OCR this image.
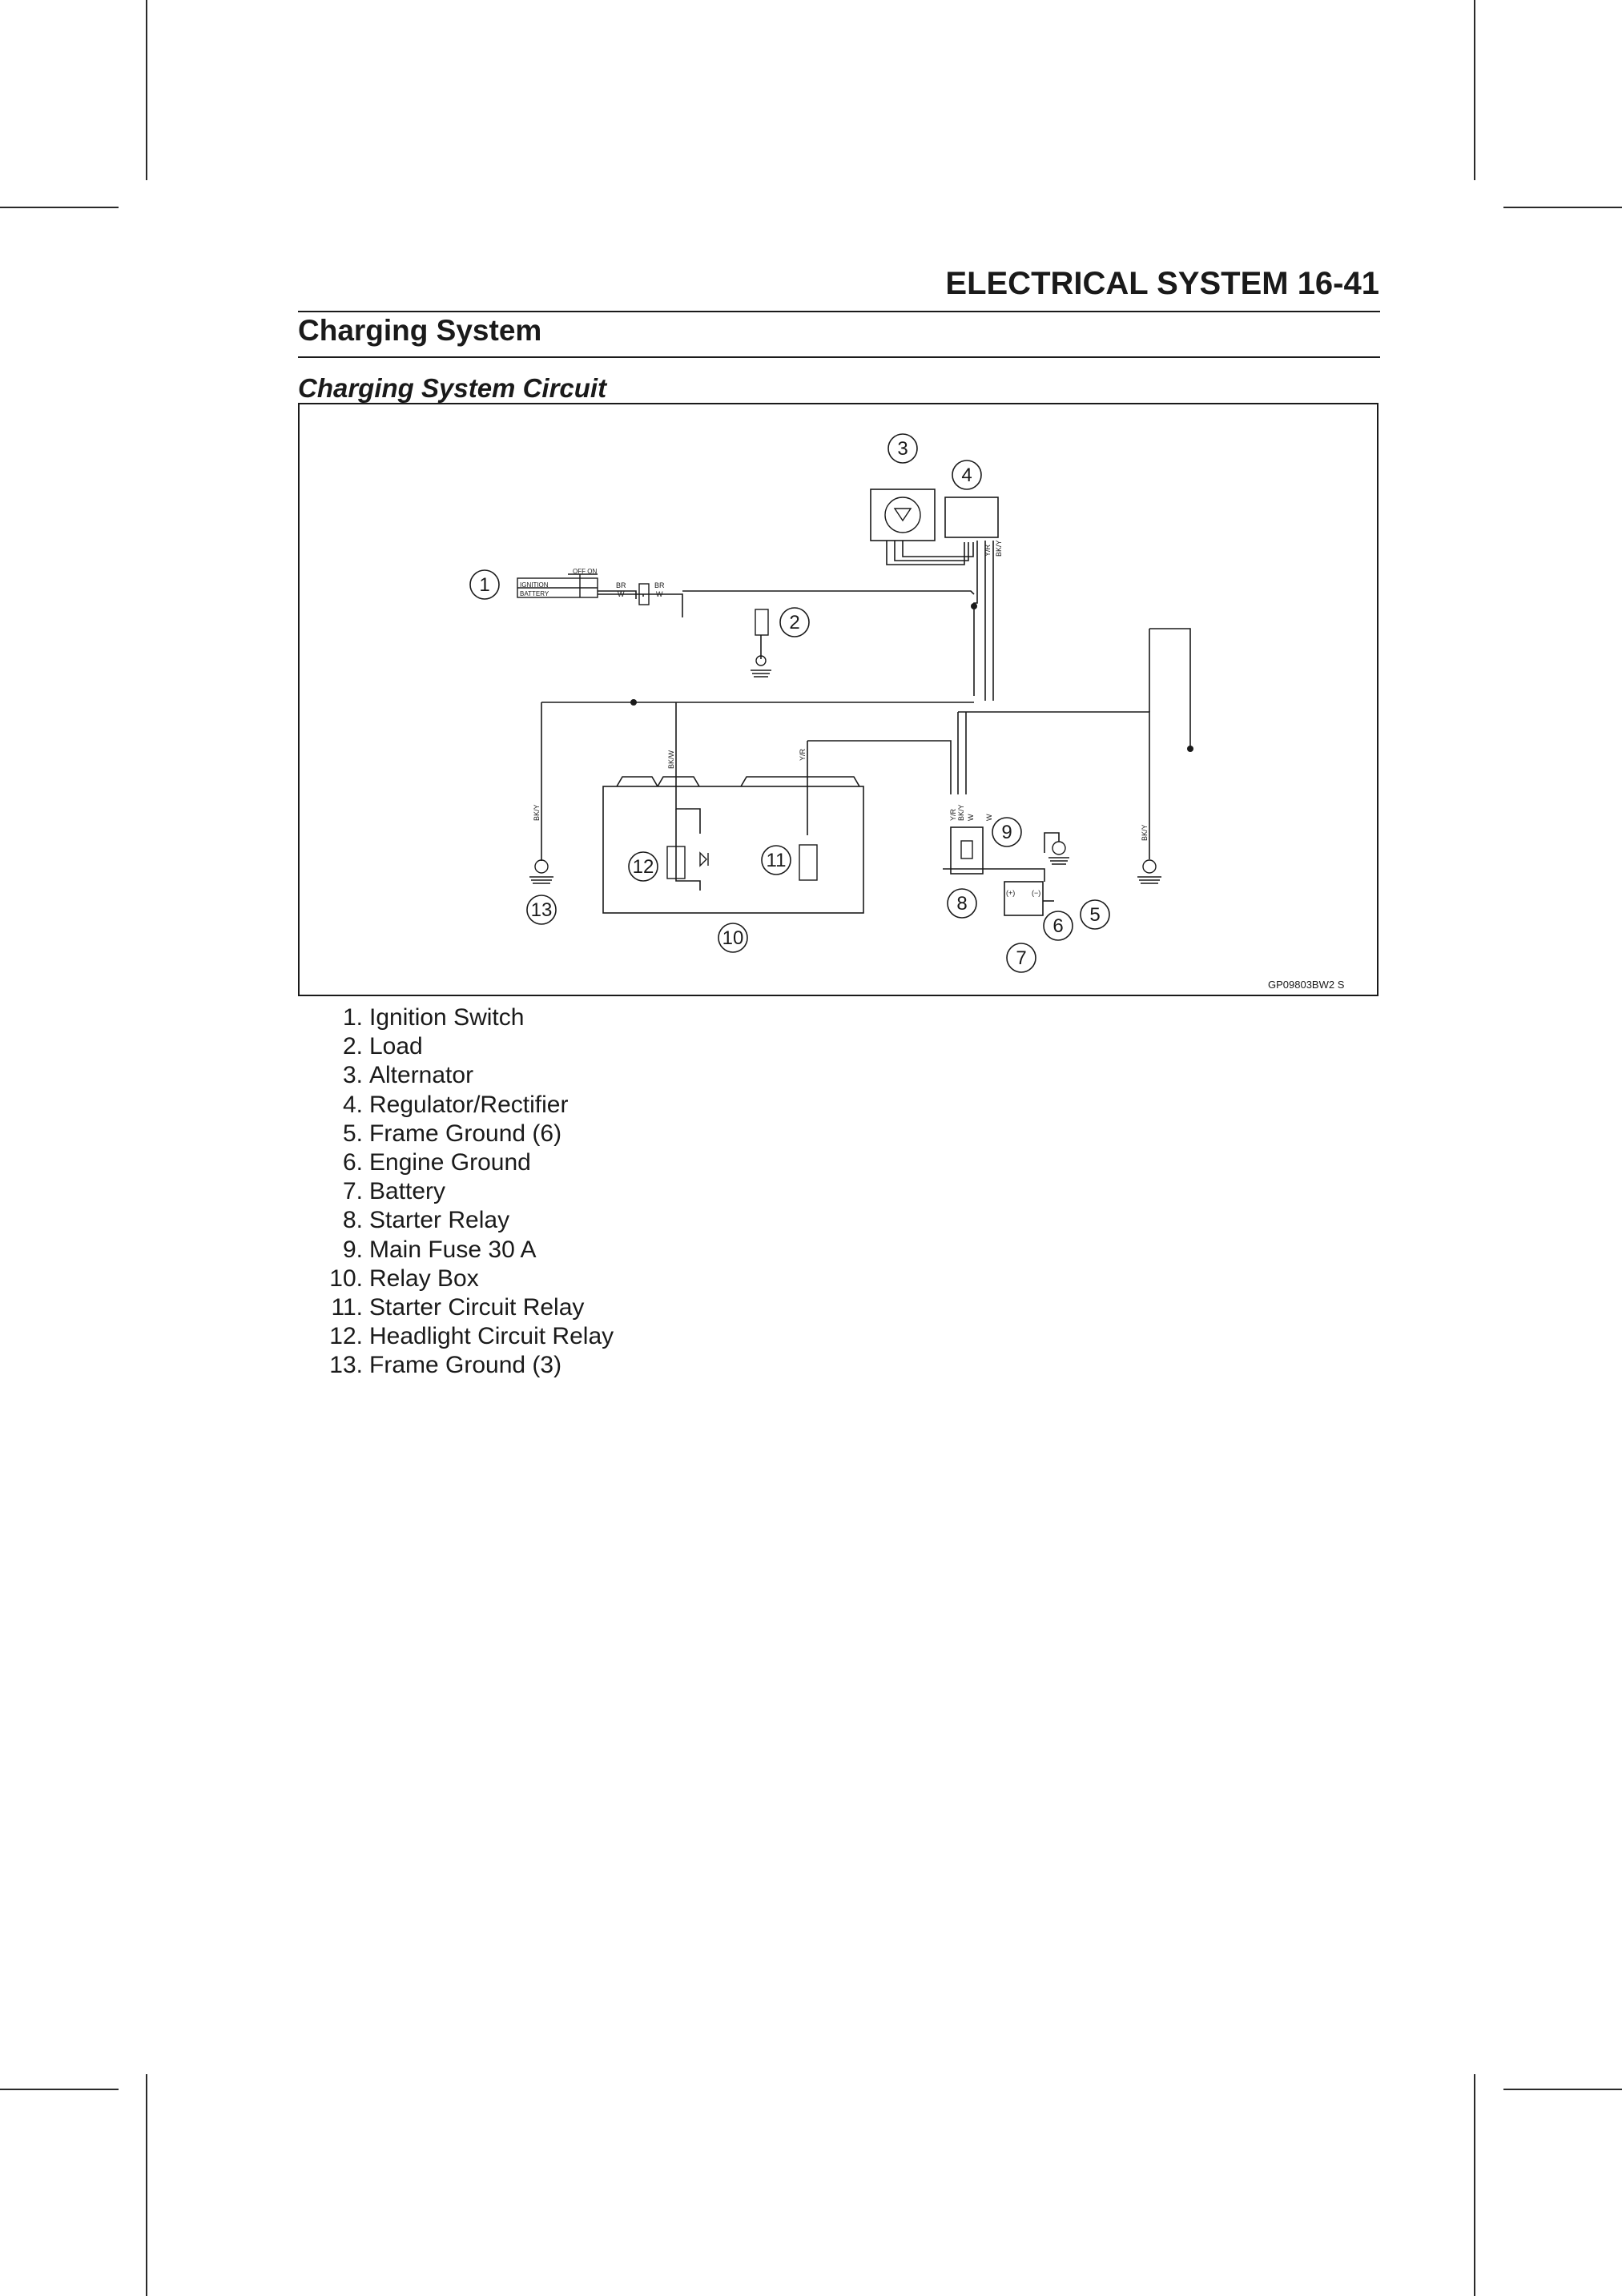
ELECTRICAL SYSTEM 16-41
Charging System
Charging System Circuit
OFF ON
IGNITION
BATTERY
BR
W
BR
W
BK/W	Y/R
BK/Y	Y/R BK/Y W W
BK/Y
BK/Y
Y/R
(+) (−)
1
2
3
4
5
6
7
8
9
10
11
12
13
GP09803BW2 S
1. Ignition Switch
2. Load
3. Alternator
4. Regulator/Rectifier
5. Frame Ground (6)
6. Engine Ground
7. Battery
8. Starter Relay
9. Main Fuse 30 A
10. Relay Box
11. Starter Circuit Relay
12. Headlight Circuit Relay
13. Frame Ground (3)
